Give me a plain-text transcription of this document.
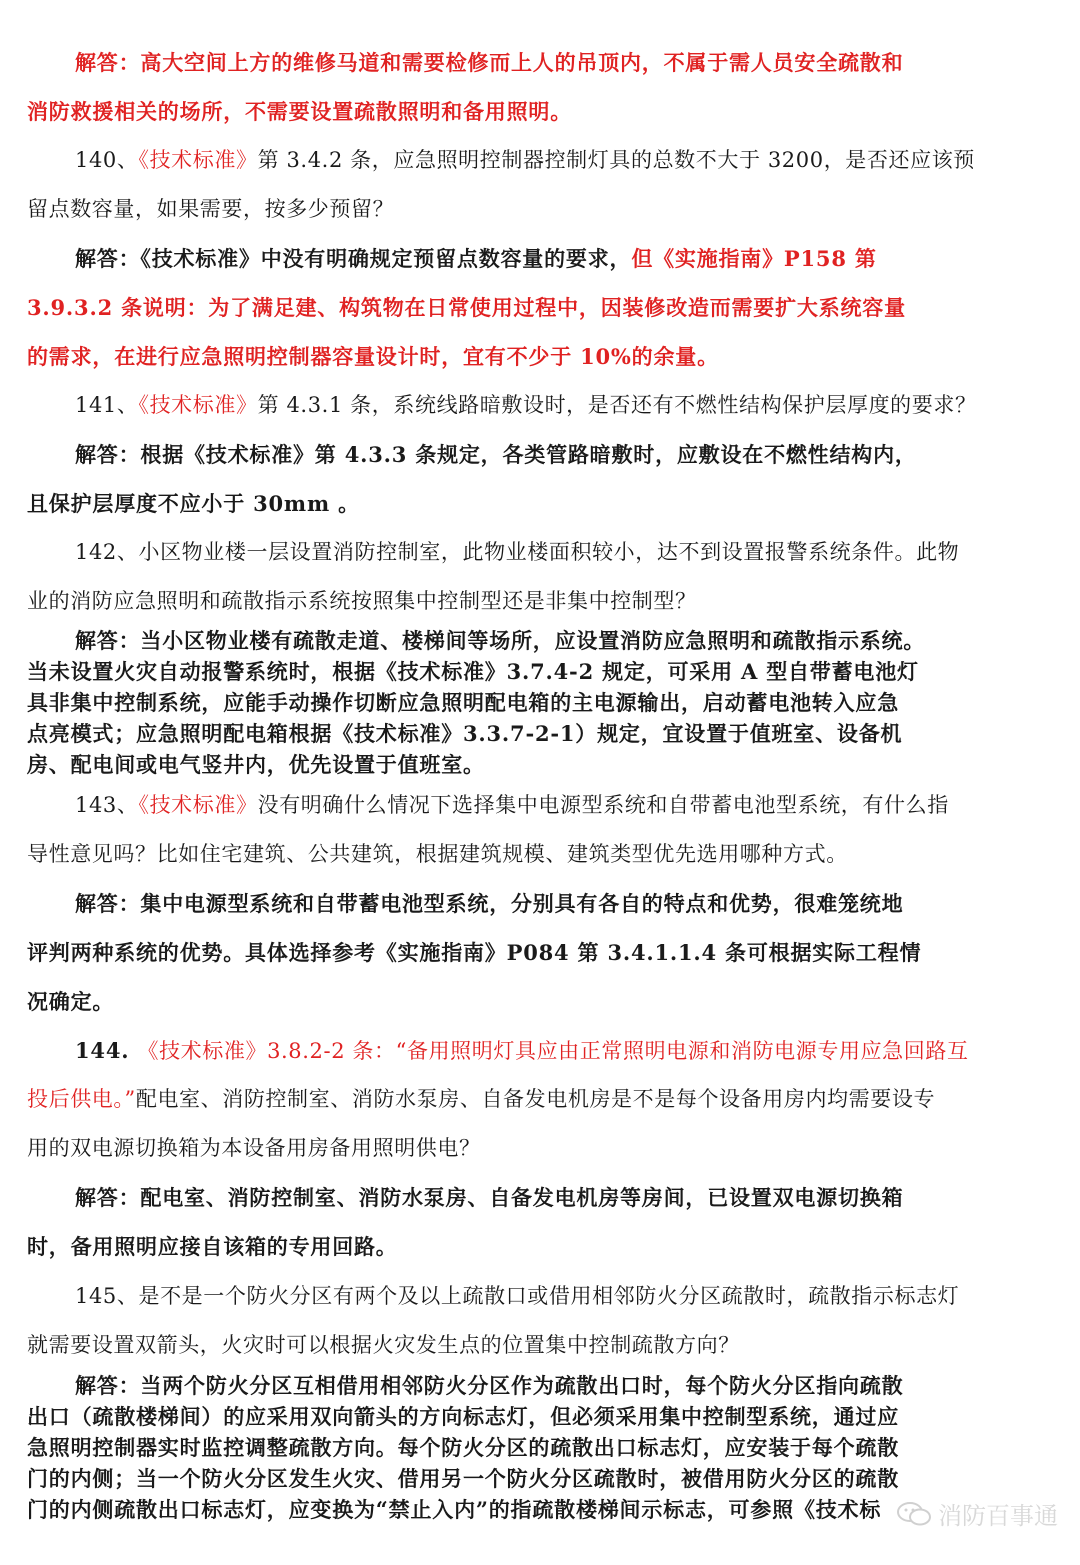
解答：高大空间上方的维修马道和需要检修而上人的吊顶内，不属于需人员安全疏散和
消防救援相关的场所，不需要设置疏散照明和备用照明。
140、《技术标准》第 3.4.2 条，应急照明控制器控制灯具的总数不大于 3200，是否还应该预
留点数容量，如果需要，按多少预留？
解答：《技术标准》中没有明确规定预留点数容量的要求，但《实施指南》P158 第
3.9.3.2 条说明：为了满足建、构筑物在日常使用过程中，因装修改造而需要扩大系统容量
的需求，在进行应急照明控制器容量设计时，宜有不少于 10%的余量。
141、《技术标准》第 4.3.1 条，系统线路暗敷设时，是否还有不燃性结构保护层厚度的要求？
解答：根据《技术标准》第 4.3.3 条规定，各类管路暗敷时，应敷设在不燃性结构内，
且保护层厚度不应小于 30mm 。
142、小区物业楼一层设置消防控制室，此物业楼面积较小，达不到设置报警系统条件。此物
业的消防应急照明和疏散指示系统按照集中控制型还是非集中控制型？
解答：当小区物业楼有疏散走道、楼梯间等场所，应设置消防应急照明和疏散指示系统。
当未设置火灾自动报警系统时，根据《技术标准》3.7.4-2 规定，可采用 A 型自带蓄电池灯
具非集中控制系统，应能手动操作切断应急照明配电箱的主电源输出，启动蓄电池转入应急
点亮模式；应急照明配电箱根据《技术标准》3.3.7-2-1）规定，宜设置于值班室、设备机
房、配电间或电气竖井内，优先设置于值班室。
143、《技术标准》没有明确什么情况下选择集中电源型系统和自带蓄电池型系统，有什么指
导性意见吗？比如住宅建筑、公共建筑，根据建筑规模、建筑类型优先选用哪种方式。
解答：集中电源型系统和自带蓄电池型系统，分别具有各自的特点和优势，很难笼统地
评判两种系统的优势。具体选择参考《实施指南》P084 第 3.4.1.1.4 条可根据实际工程情
况确定。
144. 《技术标准》3.8.2-2 条：“备用照明灯具应由正常照明电源和消防电源专用应急回路互
投后供电。”配电室、消防控制室、消防水泵房、自备发电机房是不是每个设备用房内均需要设专
用的双电源切换箱为本设备用房备用照明供电？
解答：配电室、消防控制室、消防水泵房、自备发电机房等房间，已设置双电源切换箱
时，备用照明应接自该箱的专用回路。
145、是不是一个防火分区有两个及以上疏散口或借用相邻防火分区疏散时，疏散指示标志灯
就需要设置双箭头，火灾时可以根据火灾发生点的位置集中控制疏散方向？
解答：当两个防火分区互相借用相邻防火分区作为疏散出口时，每个防火分区指向疏散
出口（疏散楼梯间）的应采用双向箭头的方向标志灯，但必须采用集中控制型系统，通过应
急照明控制器实时监控调整疏散方向。每个防火分区的疏散出口标志灯，应安装于每个疏散
门的内侧；当一个防火分区发生火灾、借用另一个防火分区疏散时，被借用防火分区的疏散
门的内侧疏散出口标志灯，应变换为“禁止入内”的指疏散楼梯间示标志，可参照《技术标	消防百事通
